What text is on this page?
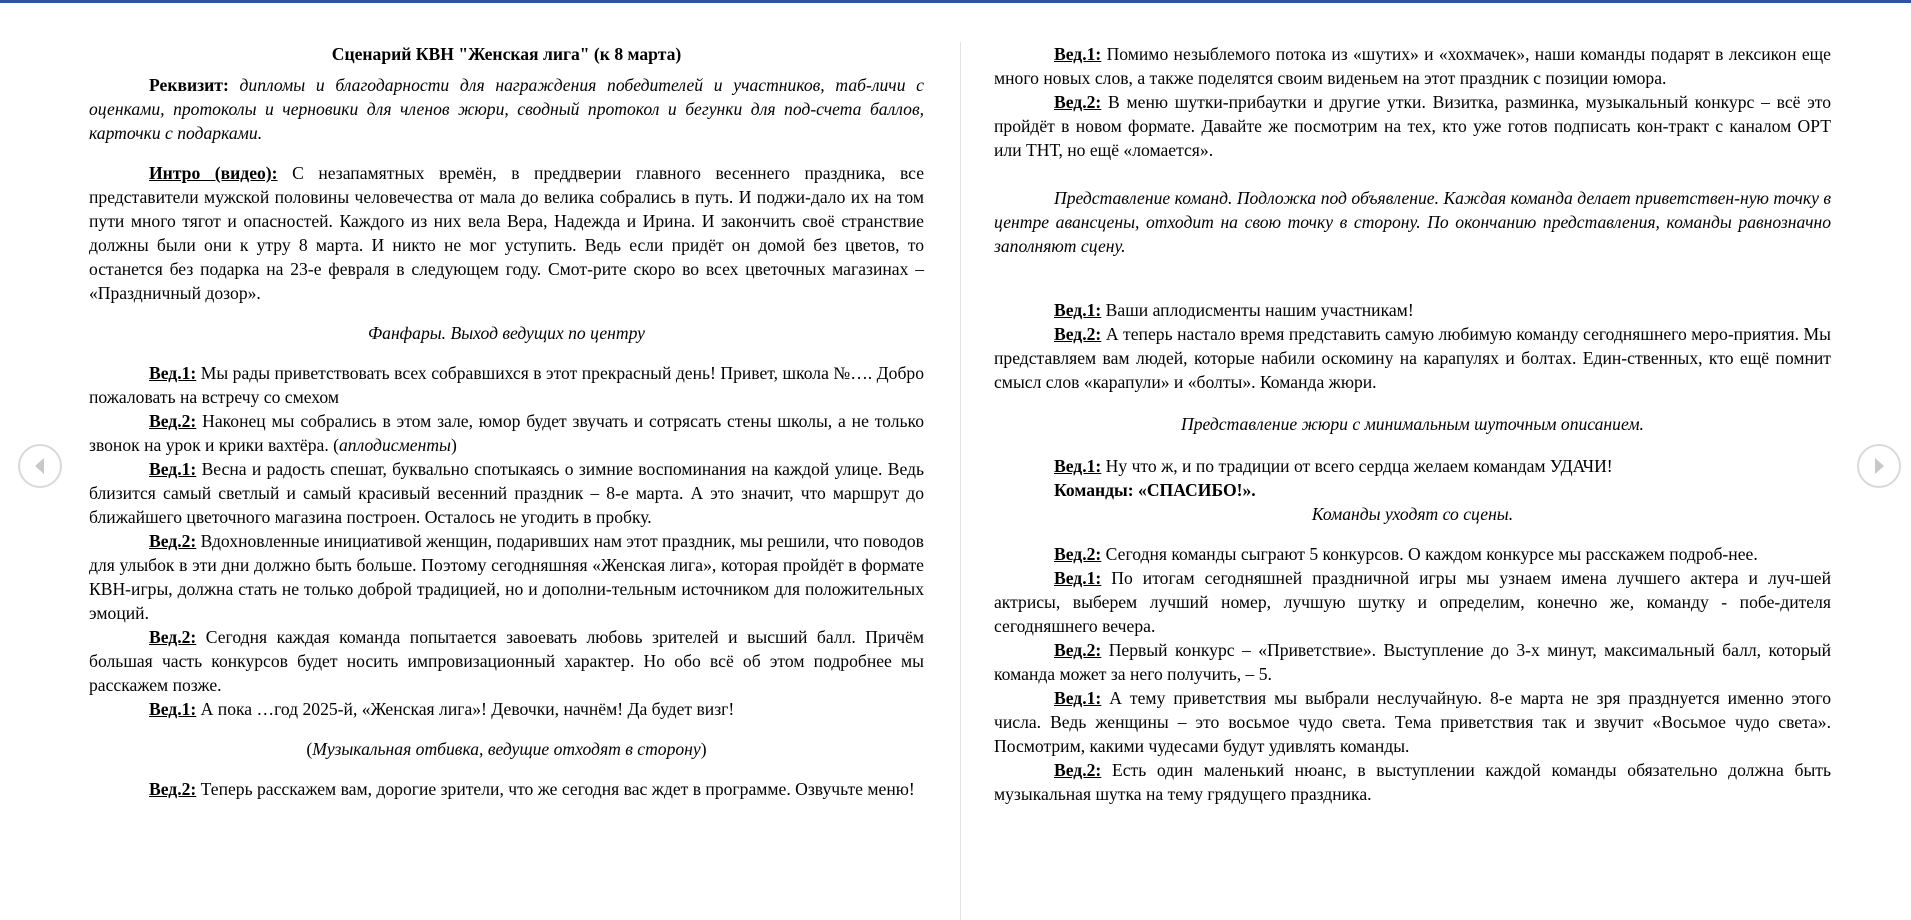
Сценарий КВН "Женская лига" (к 8 марта)

Реквизит: дипломы и благодарности для награждения победителей и участников, таб-личи с оценками, протоколы и черновики для членов жюри, сводный протокол и бегунки для под-счета баллов, карточки с подарками.

Интро (видео): С незапамятных времён, в преддверии главного весеннего праздника, все представители мужской половины человечества от мала до велика собрались в путь. И поджи-дало их на том пути много тягот и опасностей. Каждого из них вела Вера, Надежда и Ирина. И закончить своё странствие должны были они к утру 8 марта. И никто не мог уступить. Ведь если придёт он домой без цветов, то останется без подарка на 23-е февраля в следующем году. Смот-рите скоро во всех цветочных магазинах – «Праздничный дозор».

Фанфары. Выход ведущих по центру

Вед.1: Мы рады приветствовать всех собравшихся в этот прекрасный день! Привет, школа №…. Добро пожаловать на встречу со смехом

Вед.2: Наконец мы собрались в этом зале, юмор будет звучать и сотрясать стены школы, а не только звонок на урок и крики вахтёра. (аплодисменты)

Вед.1: Весна и радость спешат, буквально спотыкаясь о зимние воспоминания на каждой улице. Ведь близится самый светлый и самый красивый весенний праздник – 8-е марта. А это значит, что маршрут до ближайшего цветочного магазина построен. Осталось не угодить в пробку.

Вед.2: Вдохновленные инициативой женщин, подаривших нам этот праздник, мы решили, что поводов для улыбок в эти дни должно быть больше. Поэтому сегодняшняя «Женская лига», которая пройдёт в формате КВН-игры, должна стать не только доброй традицией, но и дополни-тельным источником для положительных эмоций.

Вед.2: Сегодня каждая команда попытается завоевать любовь зрителей и высший балл. Причём большая часть конкурсов будет носить импровизационный характер. Но обо всё об этом подробнее мы расскажем позже.

Вед.1: А пока …год 2025-й, «Женская лига»! Девочки, начнём! Да будет визг!

(Музыкальная отбивка, ведущие отходят в сторону)

Вед.2: Теперь расскажем вам, дорогие зрители, что же сегодня вас ждет в программе. Озвучьте меню!

Вед.1: Помимо незыблемого потока из «шутих» и «хохмачек», наши команды подарят в лексикон еще много новых слов, а также поделятся своим виденьем на этот праздник с позиции юмора.

Вед.2: В меню шутки-прибаутки и другие утки. Визитка, разминка, музыкальный конкурс – всё это пройдёт в новом формате. Давайте же посмотрим на тех, кто уже готов подписать кон-тракт с каналом ОРТ или ТНТ, но ещё «ломается».

Представление команд. Подложка под объявление. Каждая команда делает приветствен-ную точку в центре авансцены, отходит на свою точку в сторону. По окончанию представления, команды равнозначно заполняют сцену.

Вед.1: Ваши аплодисменты нашим участникам!

Вед.2: А теперь настало время представить самую любимую команду сегодняшнего меро-приятия. Мы представляем вам людей, которые набили оскомину на карапулях и болтах. Един-ственных, кто ещё помнит смысл слов «карапули» и «болты». Команда жюри.

Представление жюри с минимальным шуточным описанием.

Вед.1: Ну что ж, и по традиции от всего сердца желаем командам УДАЧИ!

Команды: «СПАСИБО!».

Команды уходят со сцены.

Вед.2: Сегодня команды сыграют 5 конкурсов. О каждом конкурсе мы расскажем подроб-нее.

Вед.1: По итогам сегодняшней праздничной игры мы узнаем имена лучшего актера и луч-шей актрисы, выберем лучший номер, лучшую шутку и определим, конечно же, команду - побе-дителя сегодняшнего вечера.

Вед.2: Первый конкурс – «Приветствие». Выступление до 3-х минут, максимальный балл, который команда может за него получить, – 5.

Вед.1: А тему приветствия мы выбрали неслучайную. 8-е марта не зря празднуется именно этого числа. Ведь женщины – это восьмое чудо света. Тема приветствия так и звучит «Восьмое чудо света». Посмотрим, какими чудесами будут удивлять команды.

Вед.2: Есть один маленький нюанс, в выступлении каждой команды обязательно должна быть музыкальная шутка на тему грядущего праздника.
